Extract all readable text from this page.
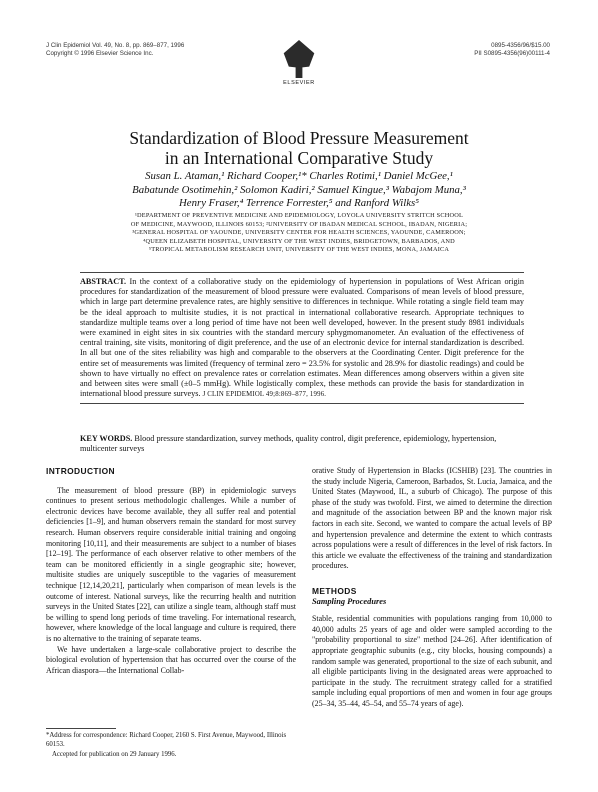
J Clin Epidemiol Vol. 49, No. 8, pp. 869–877, 1996
Copyright © 1996 Elsevier Science Inc.
0895-4356/96/$15.00
PII S0895-4356(96)00111-4
ELSEVIER
Standardization of Blood Pressure Measurement
in an International Comparative Study
Susan L. Ataman,¹ Richard Cooper,¹* Charles Rotimi,¹ Daniel McGee,¹
Babatunde Osotimehin,² Solomon Kadiri,² Samuel Kingue,³ Wabajom Muna,³
Henry Fraser,⁴ Terrence Forrester,⁵ and Ranford Wilks⁵
¹DEPARTMENT OF PREVENTIVE MEDICINE AND EPIDEMIOLOGY, LOYOLA UNIVERSITY STRITCH SCHOOL
OF MEDICINE, MAYWOOD, ILLINOIS 60153; ²UNIVERSITY OF IBADAN MEDICAL SCHOOL, IBADAN, NIGERIA;
³GENERAL HOSPITAL OF YAOUNDE, UNIVERSITY CENTER FOR HEALTH SCIENCES, YAOUNDE, CAMEROON;
⁴QUEEN ELIZABETH HOSPITAL, UNIVERSITY OF THE WEST INDIES, BRIDGETOWN, BARBADOS, AND
⁵TROPICAL METABOLISM RESEARCH UNIT, UNIVERSITY OF THE WEST INDIES, MONA, JAMAICA

ABSTRACT. In the context of a collaborative study on the epidemiology of hypertension in populations of West African origin procedures for standardization of the measurement of blood pressure were evaluated. Comparisons of mean levels of blood pressure, which in large part determine prevalence rates, are highly sensitive to differences in technique. While rotating a single field team may be the ideal approach to multisite studies, it is not practical in international collaborative research. Appropriate techniques to standardize multiple teams over a long period of time have not been well developed, however. In the present study 8981 individuals were examined in eight sites in six countries with the standard mercury sphygmomanometer. An evaluation of the effectiveness of central training, site visits, monitoring of digit preference, and the use of an electronic device for internal standardization is described. In all but one of the sites reliability was high and comparable to the observers at the Coordinating Center. Digit preference for the entire set of measurements was limited (frequency of terminal zero = 23.5% for systolic and 28.9% for diastolic readings) and could be shown to have virtually no effect on prevalence rates or correlation estimates. Mean differences among observers within a given site and between sites were small (±0–5 mmHg). While logistically complex, these methods can provide the basis for standardization in international blood pressure surveys. J CLIN EPIDEMIOL 49;8:869–877, 1996.

KEY WORDS. Blood pressure standardization, survey methods, quality control, digit preference, epidemiology, hypertension, multicenter surveys

INTRODUCTION

The measurement of blood pressure (BP) in epidemiologic surveys continues to present serious methodologic challenges. While a number of electronic devices have become available, they all suffer real and potential deficiencies [1–9], and human observers remain the standard for most survey research. Human observers require considerable initial training and ongoing monitoring [10,11], and their measurements are subject to a number of biases [12–19]. The performance of each observer relative to other members of the team can be monitored efficiently in a single geographic site; however, multisite studies are uniquely susceptible to the vagaries of measurement technique [12,14,20,21], particularly when comparison of mean levels is the outcome of interest. National surveys, like the recurring health and nutrition surveys in the United States [22], can utilize a single team, although staff must be willing to spend long periods of time traveling. For international research, however, where knowledge of the local language and culture is required, there is no alternative to the training of separate teams.

We have undertaken a large-scale collaborative project to describe the biological evolution of hypertension that has occurred over the course of the African diaspora—the International Collab-

orative Study of Hypertension in Blacks (ICSHIB) [23]. The countries in the study include Nigeria, Cameroon, Barbados, St. Lucia, Jamaica, and the United States (Maywood, IL, a suburb of Chicago). The purpose of this phase of the study was twofold. First, we aimed to determine the direction and magnitude of the association between BP and the known major risk factors in each site. Second, we wanted to compare the actual levels of BP and hypertension prevalence and determine the extent to which contrasts across populations were a result of differences in the level of risk factors. In this article we evaluate the effectiveness of the training and standardization procedures.

METHODS
Sampling Procedures

Stable, residential communities with populations ranging from 10,000 to 40,000 adults 25 years of age and older were sampled according to the "probability proportional to size" method [24–26]. After identification of appropriate geographic subunits (e.g., city blocks, housing compounds) a random sample was generated, proportional to the size of each subunit, and all eligible participants living in the designated areas were approached to participate in the study. The recruitment strategy called for a stratified sample including equal proportions of men and women in four age groups (25–34, 35–44, 45–54, and 55–74 years of age).

*Address for correspondence: Richard Cooper, 2160 S. First Avenue, Maywood, Illinois 60153.
Accepted for publication on 29 January 1996.
